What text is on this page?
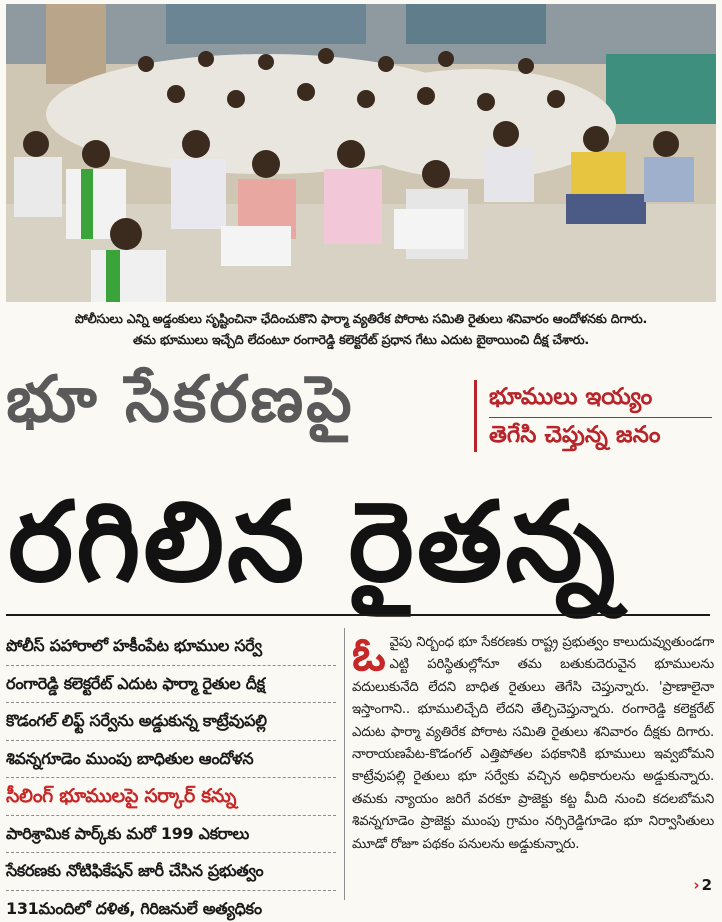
పోలీసులు ఎన్ని అడ్డంకులు సృష్టించినా ఛేదించుకొని ఫార్మా వ్యతిరేక పోరాట సమితి రైతులు శనివారం ఆందోళనకు దిగారు.
తమ భూములు ఇచ్చేది లేదంటూ రంగారెడ్డి కలెక్టరేట్ ప్రధాన గేటు ఎదుట బైఠాయించి దీక్ష చేశారు.
భూ సేకరణపై	భూములు ఇయ్యం
తెగేసి చెప్తున్న జనం
రగిలిన రైతన్న
పోలీస్ పహారాలో హకీంపేట భూముల సర్వే
రంగారెడ్డి కలెక్టరేట్ ఎదుట ఫార్మా రైతుల దీక్ష
కొడంగల్ లిఫ్ట్ సర్వేను అడ్డుకున్న కాట్రేవుపల్లి
శివన్నగూడెం ముంపు బాధితుల ఆందోళన
సీలింగ్ భూములపై సర్కార్ కన్ను
పారిశ్రామిక పార్క్‌కు మరో 199 ఎకరాలు
సేకరణకు నోటిఫికేషన్ జారీ చేసిన ప్రభుత్వం
131మందిలో దళిత, గిరిజనులే అత్యధికం
ఓ వైపు నిర్బంధ భూ సేకరణకు రాష్ట్ర ప్రభుత్వం కాలుదువ్వుతుండగా ఎట్టి పరిస్థితుల్లోనూ తమ బతుకుదెరువైన భూములను వదులుకునేది లేదని బాధిత రైతులు తెగేసి చెప్తున్నారు. 'ప్రాణాలైనా ఇస్తాంగాని.. భూములిచ్చేది లేదని తేల్చిచెప్తున్నారు. రంగారెడ్డి కలెక్టరేట్ ఎదుట ఫార్మా వ్యతిరేక పోరాట సమితి రైతులు శనివారం దీక్షకు దిగారు. నారాయణపేట-కొడంగల్ ఎత్తిపోతల పథకానికి భూములు ఇవ్వబోమని కాట్రేవుపల్లి రైతులు భూ సర్వేకు వచ్చిన అధికారులను అడ్డుకున్నారు. తమకు న్యాయం జరిగే వరకూ ప్రాజెక్టు కట్ట మీది నుంచి కదలబోమని శివన్నగూడెం ప్రాజెక్టు ముంపు గ్రామం నర్సిరెడ్డిగూడెం భూ నిర్వాసితులు మూడో రోజూ పథకం పనులను అడ్డుకున్నారు.
› 2
